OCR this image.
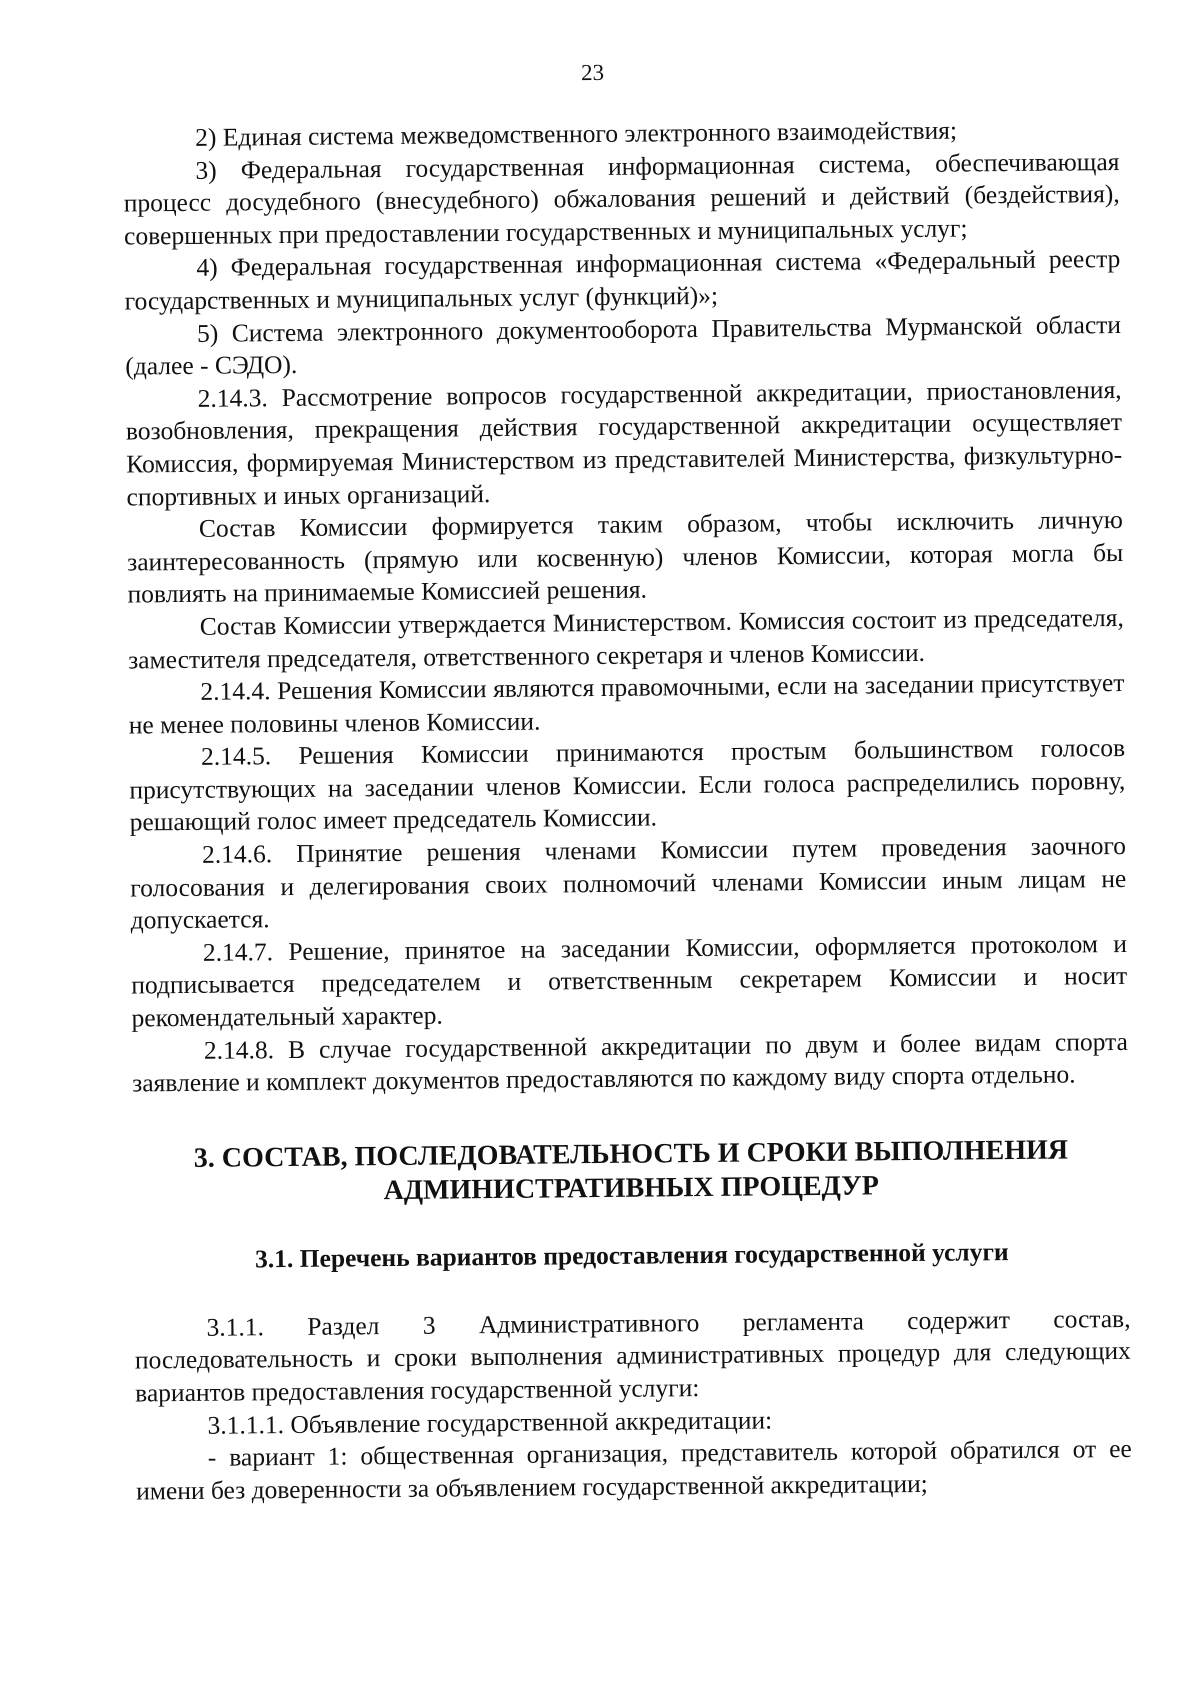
23

2) Единая система межведомственного электронного взаимодействия;

3) Федеральная государственная информационная система, обеспечивающая процесс досудебного (внесудебного) обжалования решений и действий (бездействия), совершенных при предоставлении государственных и муниципальных услуг;

4) Федеральная государственная информационная система «Федеральный реестр государственных и муниципальных услуг (функций)»;

5) Система электронного документооборота Правительства Мурманской области (далее - СЭДО).

2.14.3. Рассмотрение вопросов государственной аккредитации, приостановления, возобновления, прекращения действия государственной аккредитации осуществляет Комиссия, формируемая Министерством из представителей Министерства, физкультурно-спортивных и иных организаций.

Состав Комиссии формируется таким образом, чтобы исключить личную заинтересованность (прямую или косвенную) членов Комиссии, которая могла бы повлиять на принимаемые Комиссией решения.

Состав Комиссии утверждается Министерством. Комиссия состоит из председателя, заместителя председателя, ответственного секретаря и членов Комиссии.

2.14.4. Решения Комиссии являются правомочными, если на заседании присутствует не менее половины членов Комиссии.

2.14.5. Решения Комиссии принимаются простым большинством голосов присутствующих на заседании членов Комиссии. Если голоса распределились поровну, решающий голос имеет председатель Комиссии.

2.14.6. Принятие решения членами Комиссии путем проведения заочного голосования и делегирования своих полномочий членами Комиссии иным лицам не допускается.

2.14.7. Решение, принятое на заседании Комиссии, оформляется протоколом и подписывается председателем и ответственным секретарем Комиссии и носит рекомендательный характер.

2.14.8. В случае государственной аккредитации по двум и более видам спорта заявление и комплект документов предоставляются по каждому виду спорта отдельно.

3. СОСТАВ, ПОСЛЕДОВАТЕЛЬНОСТЬ И СРОКИ ВЫПОЛНЕНИЯ
АДМИНИСТРАТИВНЫХ ПРОЦЕДУР
3.1. Перечень вариантов предоставления государственной услуги

3.1.1. Раздел 3 Административного регламента содержит состав, последовательность и сроки выполнения административных процедур для следующих вариантов предоставления государственной услуги:

3.1.1.1. Объявление государственной аккредитации:

- вариант 1: общественная организация, представитель которой обратился от ее имени без доверенности за объявлением государственной аккредитации;
